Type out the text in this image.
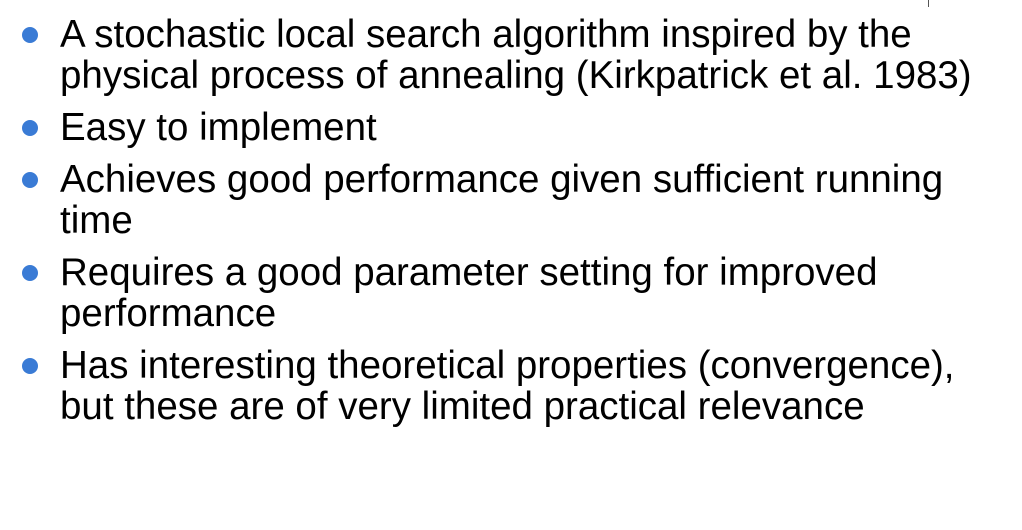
A stochastic local search algorithm inspired by the physical process of annealing (Kirkpatrick et al. 1983)
Easy to implement
Achieves good performance given sufficient running time
Requires a good parameter setting for improved performance
Has interesting theoretical properties (convergence), but these are of very limited practical relevance
